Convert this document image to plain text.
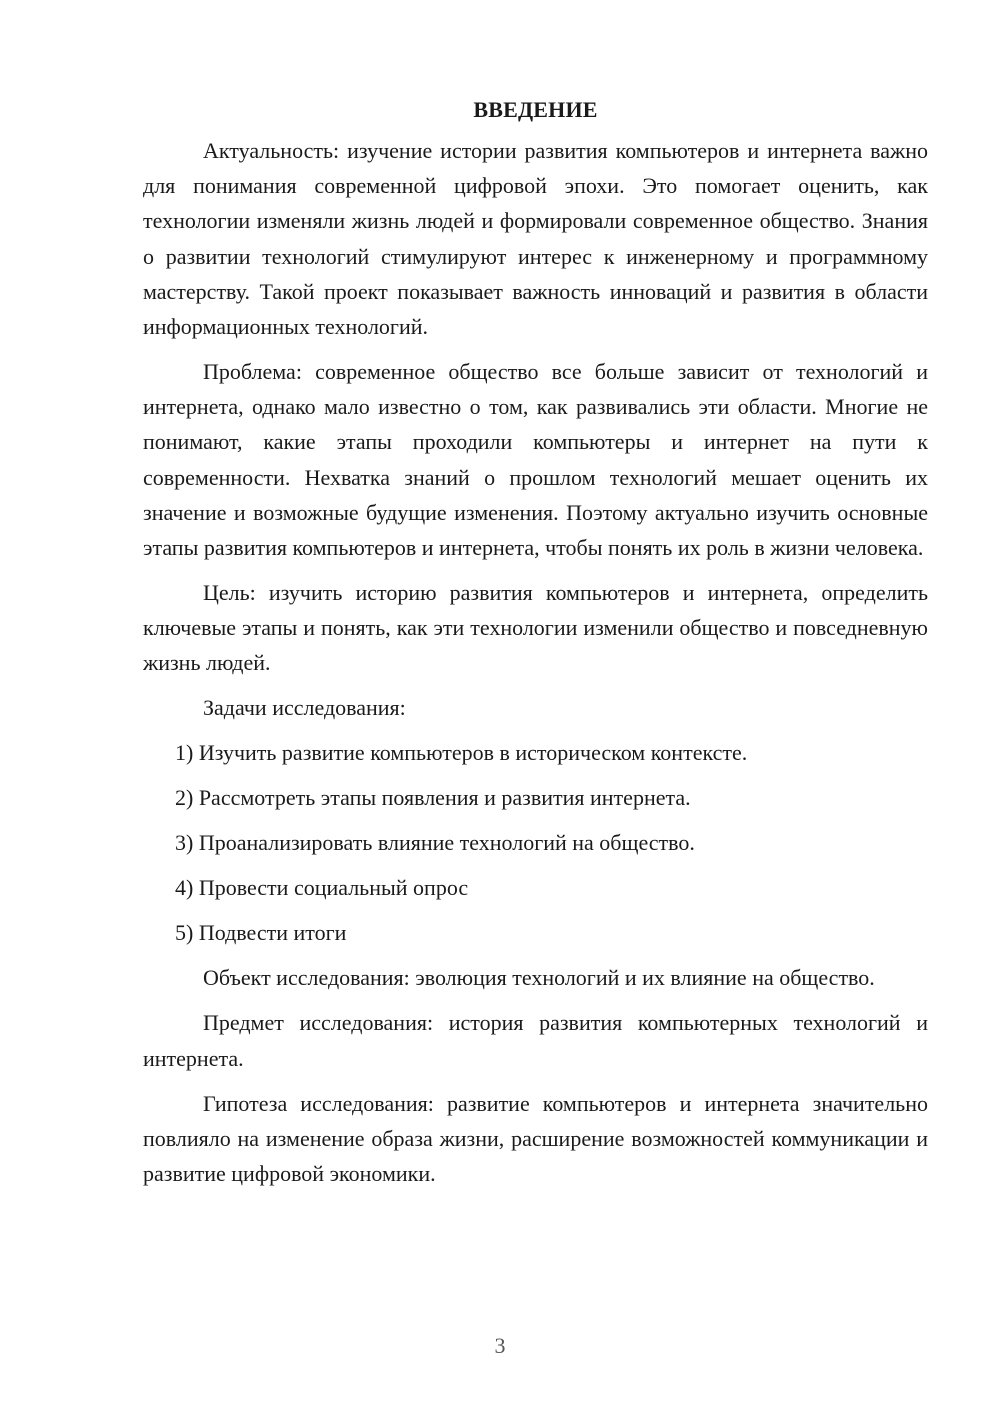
ВВЕДЕНИЕ

Актуальность: изучение истории развития компьютеров и интернета важно для понимания современной цифровой эпохи. Это помогает оценить, как технологии изменяли жизнь людей и формировали современное общество. Знания о развитии технологий стимулируют интерес к инженерному и программному мастерству. Такой проект показывает важность инноваций и развития в области информационных технологий.

Проблема: современное общество все больше зависит от технологий и интернета, однако мало известно о том, как развивались эти области. Многие не понимают, какие этапы проходили компьютеры и интернет на пути к современности. Нехватка знаний о прошлом технологий мешает оценить их значение и возможные будущие изменения. Поэтому актуально изучить основные этапы развития компьютеров и интернета, чтобы понять их роль в жизни человека.

Цель: изучить историю развития компьютеров и интернета, определить ключевые этапы и понять, как эти технологии изменили общество и повседневную жизнь людей.

Задачи исследования:

1) Изучить развитие компьютеров в историческом контексте.
2) Рассмотреть этапы появления и развития интернета.
3) Проанализировать влияние технологий на общество.
4) Провести социальный опрос
5) Подвести итоги

Объект исследования: эволюция технологий и их влияние на общество.

Предмет исследования: история развития компьютерных технологий и интернета.

Гипотеза исследования: развитие компьютеров и интернета значительно повлияло на изменение образа жизни, расширение возможностей коммуникации и развитие цифровой экономики.

3
